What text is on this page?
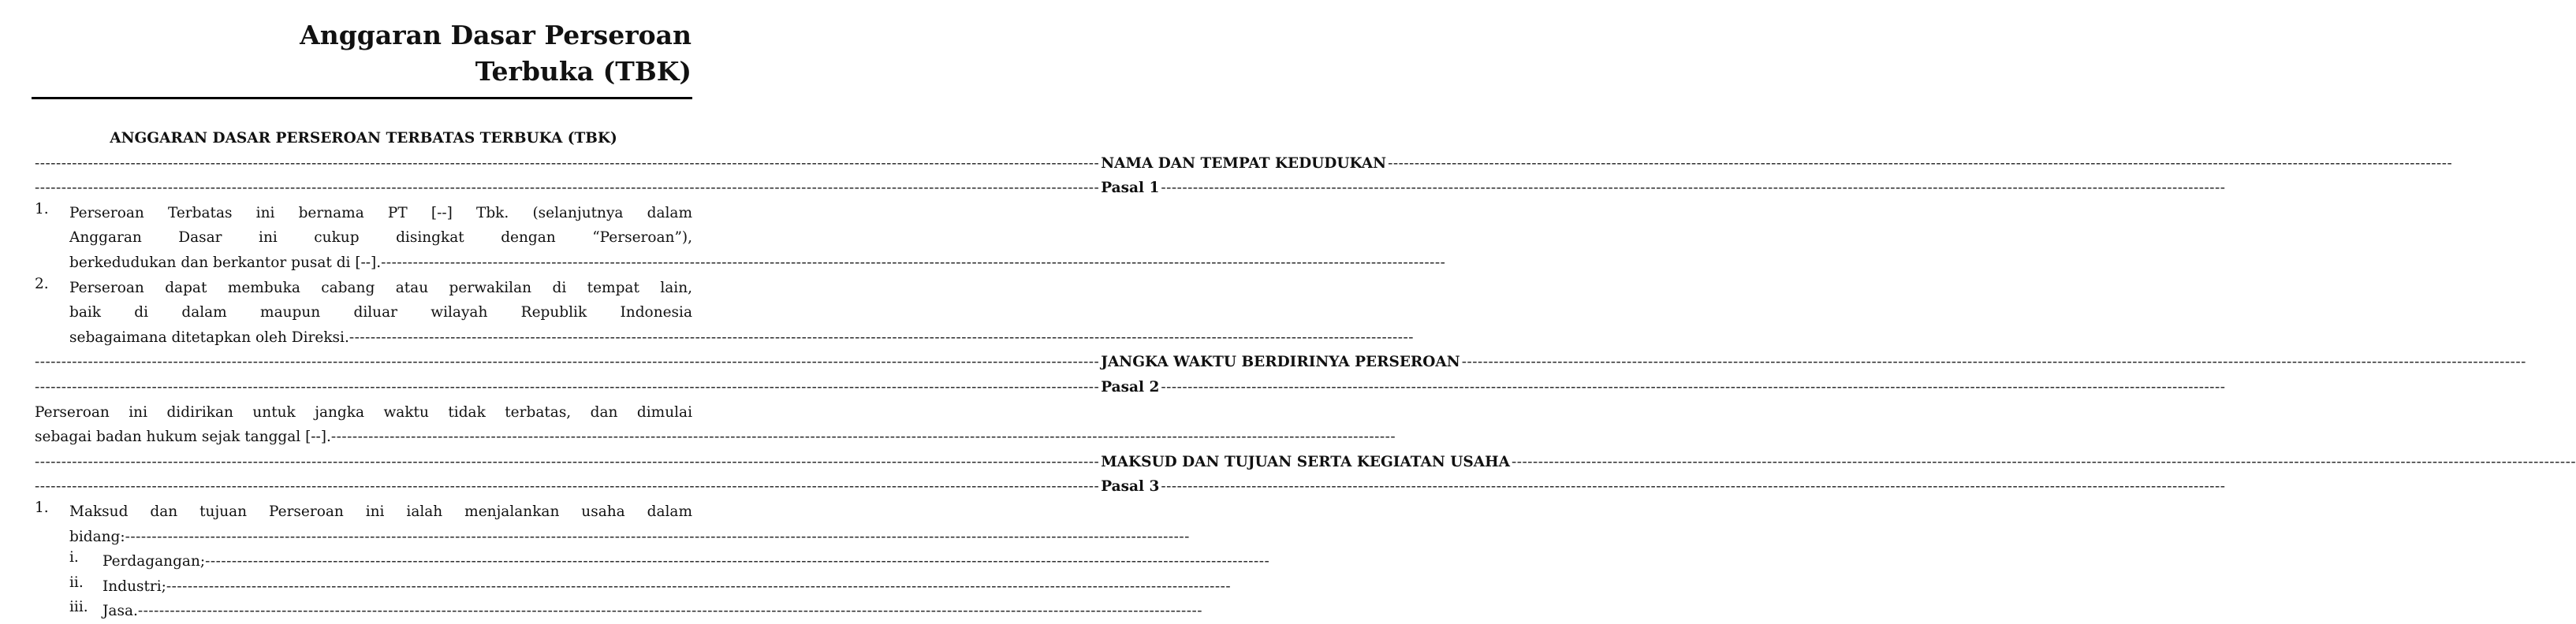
Anggaran Dasar Perseroan
Terbuka (TBK)
ANGGARAN DASAR PERSEROAN TERBATAS TERBUKA (TBK)
-------------------------------------------------------------------------------------------------------------------------------------------------------------------------------------------------------- NAMA DAN TEMPAT KEDUDUKAN --------------------------------------------------------------------------------------------------------------------------------------------------------------------------------------------------------
-------------------------------------------------------------------------------------------------------------------------------------------------------------------------------------------------------- Pasal 1 --------------------------------------------------------------------------------------------------------------------------------------------------------------------------------------------------------
1.	Perseroan Terbatas ini bernama PT [--] Tbk. (selanjutnya dalam
Anggaran Dasar ini cukup disingkat dengan “Perseroan”),
berkedudukan dan berkantor pusat di [--]. --------------------------------------------------------------------------------------------------------------------------------------------------------------------------------------------------------
2.	Perseroan dapat membuka cabang atau perwakilan di tempat lain,
baik di dalam maupun diluar wilayah Republik Indonesia
sebagaimana ditetapkan oleh Direksi. --------------------------------------------------------------------------------------------------------------------------------------------------------------------------------------------------------
-------------------------------------------------------------------------------------------------------------------------------------------------------------------------------------------------------- JANGKA WAKTU BERDIRINYA PERSEROAN --------------------------------------------------------------------------------------------------------------------------------------------------------------------------------------------------------
-------------------------------------------------------------------------------------------------------------------------------------------------------------------------------------------------------- Pasal 2 --------------------------------------------------------------------------------------------------------------------------------------------------------------------------------------------------------
Perseroan ini didirikan untuk jangka waktu tidak terbatas, dan dimulai
sebagai badan hukum sejak tanggal [--]. --------------------------------------------------------------------------------------------------------------------------------------------------------------------------------------------------------
-------------------------------------------------------------------------------------------------------------------------------------------------------------------------------------------------------- MAKSUD DAN TUJUAN SERTA KEGIATAN USAHA --------------------------------------------------------------------------------------------------------------------------------------------------------------------------------------------------------
-------------------------------------------------------------------------------------------------------------------------------------------------------------------------------------------------------- Pasal 3 --------------------------------------------------------------------------------------------------------------------------------------------------------------------------------------------------------
1.	Maksud dan tujuan Perseroan ini ialah menjalankan usaha dalam
bidang: --------------------------------------------------------------------------------------------------------------------------------------------------------------------------------------------------------
i.	Perdagangan; --------------------------------------------------------------------------------------------------------------------------------------------------------------------------------------------------------
ii.	Industri; --------------------------------------------------------------------------------------------------------------------------------------------------------------------------------------------------------
iii. Jasa. --------------------------------------------------------------------------------------------------------------------------------------------------------------------------------------------------------
